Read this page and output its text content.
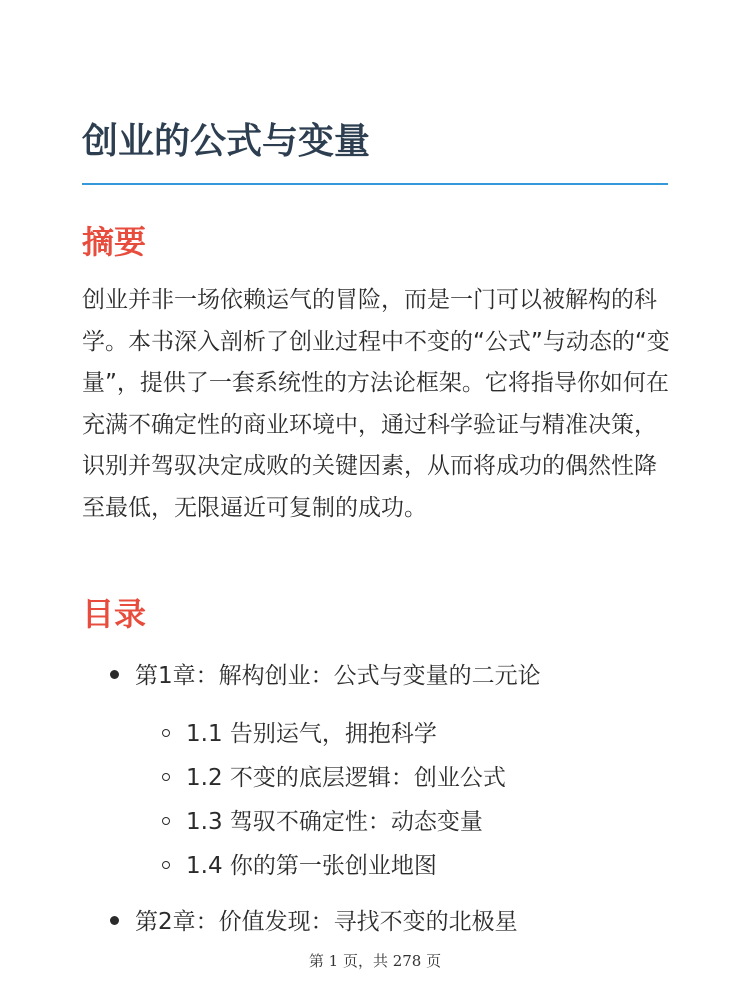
创业的公式与变量
摘要

创业并非一场依赖运气的冒险，而是一门可以被解构的科学。本书深入剖析了创业过程中不变的“公式”与动态的“变量”，提供了一套系统性的方法论框架。它将指导你如何在充满不确定性的商业环境中，通过科学验证与精准决策，识别并驾驭决定成败的关键因素，从而将成功的偶然性降至最低，无限逼近可复制的成功。

目录
第1章：解构创业：公式与变量的二元论
1.1 告别运气，拥抱科学
1.2 不变的底层逻辑：创业公式
1.3 驾驭不确定性：动态变量
1.4 你的第一张创业地图
第2章：价值发现：寻找不变的北极星
第 1 页，共 278 页
